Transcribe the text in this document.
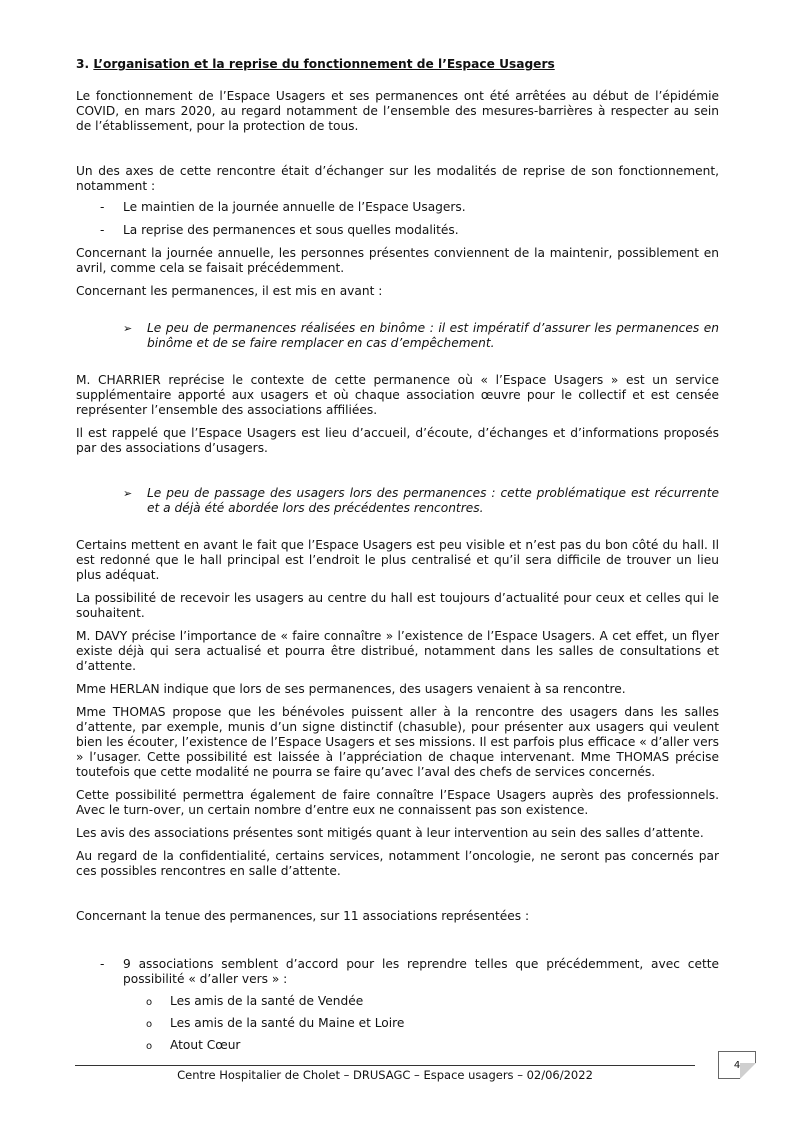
3. L’organisation et la reprise du fonctionnement de l’Espace Usagers

Le fonctionnement de l’Espace Usagers et ses permanences ont été arrêtées au début de l’épidémie COVID, en mars 2020, au regard notamment de l’ensemble des mesures-barrières à respecter au sein de l’établissement, pour la protection de tous.

Un des axes de cette rencontre était d’échanger sur les modalités de reprise de son fonctionnement, notamment :

- Le maintien de la journée annuelle de l’Espace Usagers.
- La reprise des permanences et sous quelles modalités.

Concernant la journée annuelle, les personnes présentes conviennent de la maintenir, possiblement en avril, comme cela se faisait précédemment.

Concernant les permanences, il est mis en avant :

➢ Le peu de permanences réalisées en binôme : il est impératif d’assurer les permanences en binôme et de se faire remplacer en cas d’empêchement.

M. CHARRIER reprécise le contexte de cette permanence où « l’Espace Usagers » est un service supplémentaire apporté aux usagers et où chaque association œuvre pour le collectif et est censée représenter l’ensemble des associations affiliées.

Il est rappelé que l’Espace Usagers est lieu d’accueil, d’écoute, d’échanges et d’informations proposés par des associations d’usagers.

➢ Le peu de passage des usagers lors des permanences : cette problématique est récurrente et a déjà été abordée lors des précédentes rencontres.

Certains mettent en avant le fait que l’Espace Usagers est peu visible et n’est pas du bon côté du hall. Il est redonné que le hall principal est l’endroit le plus centralisé et qu’il sera difficile de trouver un lieu plus adéquat.

La possibilité de recevoir les usagers au centre du hall est toujours d’actualité pour ceux et celles qui le souhaitent.

M. DAVY précise l’importance de « faire connaître » l’existence de l’Espace Usagers. A cet effet, un flyer existe déjà qui sera actualisé et pourra être distribué, notamment dans les salles de consultations et d’attente.

Mme HERLAN indique que lors de ses permanences, des usagers venaient à sa rencontre.

Mme THOMAS propose que les bénévoles puissent aller à la rencontre des usagers dans les salles d’attente, par exemple, munis d’un signe distinctif (chasuble), pour présenter aux usagers qui veulent bien les écouter, l’existence de l’Espace Usagers et ses missions. Il est parfois plus efficace « d’aller vers » l’usager. Cette possibilité est laissée à l’appréciation de chaque intervenant. Mme THOMAS précise toutefois que cette modalité ne pourra se faire qu’avec l’aval des chefs de services concernés.

Cette possibilité permettra également de faire connaître l’Espace Usagers auprès des professionnels. Avec le turn-over, un certain nombre d’entre eux ne connaissent pas son existence.

Les avis des associations présentes sont mitigés quant à leur intervention au sein des salles d’attente.

Au regard de la confidentialité, certains services, notamment l’oncologie, ne seront pas concernés par ces possibles rencontres en salle d’attente.

Concernant la tenue des permanences, sur 11 associations représentées :

- 9 associations semblent d’accord pour les reprendre telles que précédemment, avec cette possibilité « d’aller vers » :
o Les amis de la santé de Vendée
o Les amis de la santé du Maine et Loire
o Atout Cœur
Centre Hospitalier de Cholet – DRUSAGC – Espace usagers – 02/06/2022
4
